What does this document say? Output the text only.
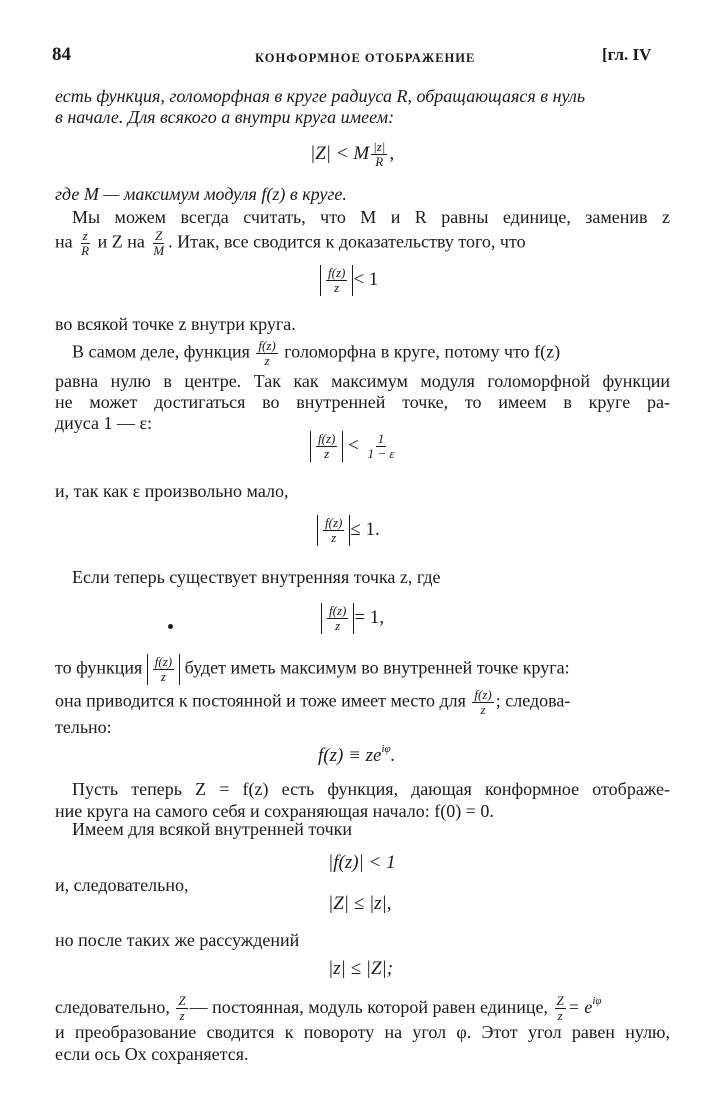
84	КОНФОРМНОЕ ОТОБРАЖЕНИЕ	[гл. IV
есть функция, голоморфная в круге радиуса R, обращающаяся в нуль
в начале. Для всякого a внутри круга имеем:
|Z| < M $\frac{|z|}{R}$ ,
где M — максимум модуля f(z) в круге.
Мы можем всегда считать, что M и R равны единице, заменив z
на $\frac{z}{R}$ и Z на $\frac{Z}{M}$ . Итак, все сводится к доказательству того, что
$\frac{f(z)}{z} < 1$
во всякой точке z внутри круга.
В самом деле, функция $\frac{f(z)}{z}$ голоморфна в круге, потому что f(z)
равна нулю в центре. Так как максимум модуля голоморфной функции
не может достигаться во внутренней точке, то имеем в круге ра-
диуса 1 — ε:
$\frac{f(z)}{z} < \frac{1}{1 - \varepsilon}$
и, так как ε произвольно мало,
$\frac{f(z)}{z} \le 1$.
Если теперь существует внутренняя точка z, где
$\frac{f(z)}{z} = 1$,
то функция $\frac{f(z)}{z}$ будет иметь максимум во внутренней точке круга:
она приводится к постоянной и тоже имеет место для $\frac{f(z)}{z}$ ; следова-
тельно:
$f(z) \equiv ze^{i\varphi}$.
Пусть теперь Z = f(z) есть функция, дающая конформное отображе-
ние круга на самого себя и сохраняющая начало: f(0) = 0.
Имеем для всякой внутренней точки
|f(z)| < 1
и, следовательно,
|Z| ≤ |z|,
но после таких же рассуждений
|z| ≤ |Z|;
следовательно, $\frac{Z}{z}$ — постоянная, модуль которой равен единице, $\frac{Z}{z} = e^{i\varphi}$
и преобразование сводится к повороту на угол φ. Этот угол равен нулю,
если ось Ox сохраняется.
